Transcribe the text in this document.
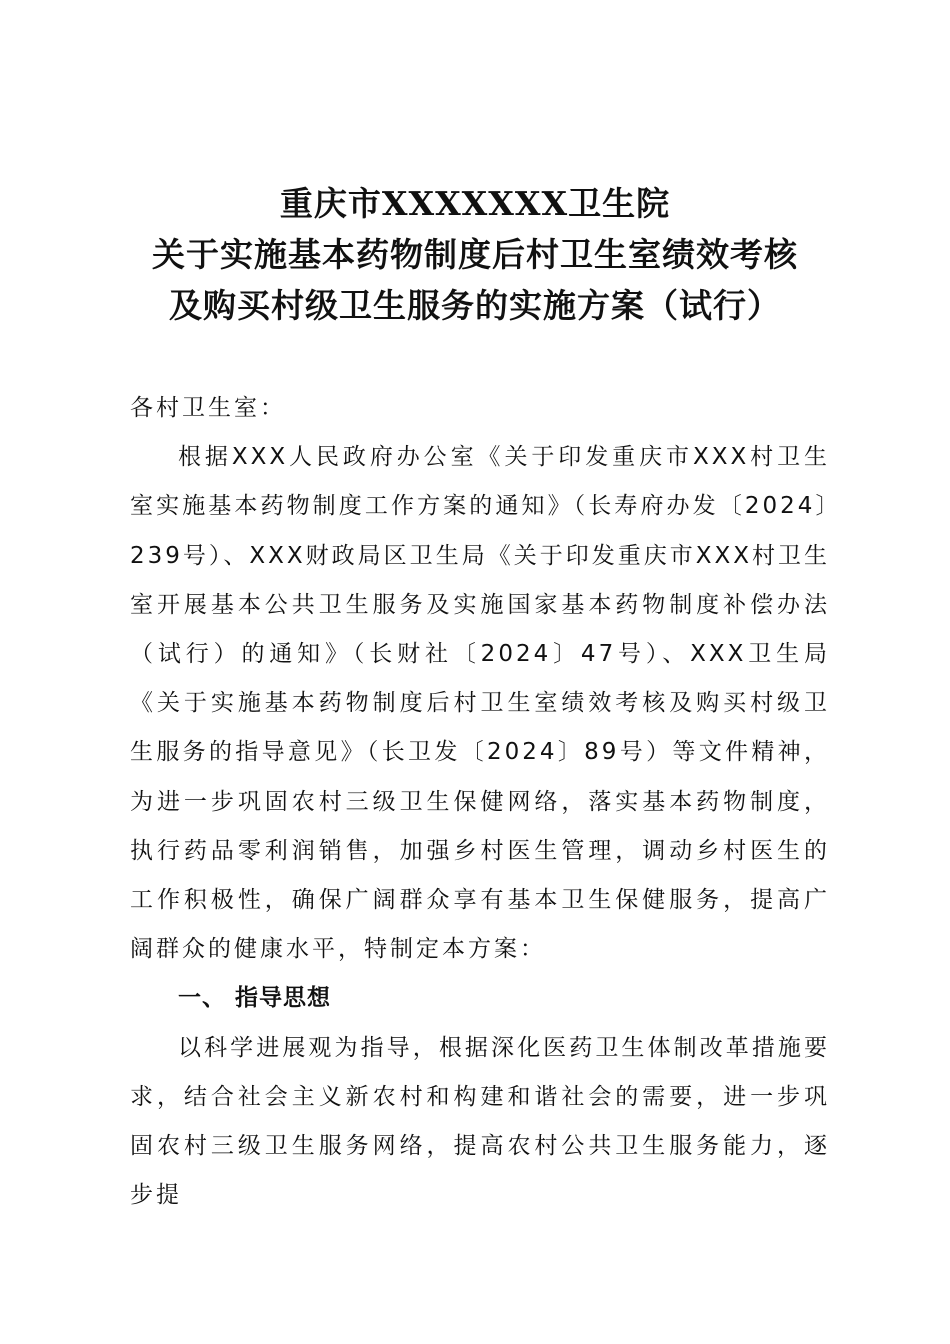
重庆市XXXXXXX卫生院
关于实施基本药物制度后村卫生室绩效考核
及购买村级卫生服务的实施方案（试行）
各村卫生室：

根据XXX人民政府办公室《关于印发重庆市XXX村卫生室实施基本药物制度工作方案的通知》（长寿府办发〔2024〕239号）、XXX财政局区卫生局《关于印发重庆市XXX村卫生室开展基本公共卫生服务及实施国家基本药物制度补偿办法（试行）的通知》（长财社〔2024〕47号）、XXX卫生局《关于实施基本药物制度后村卫生室绩效考核及购买村级卫生服务的指导意见》（长卫发〔2024〕89号）等文件精神，为进一步巩固农村三级卫生保健网络，落实基本药物制度，执行药品零利润销售，加强乡村医生管理，调动乡村医生的工作积极性，确保广阔群众享有基本卫生保健服务，提高广阔群众的健康水平，特制定本方案：

一、 指导思想

以科学进展观为指导，根据深化医药卫生体制改革措施要求，结合社会主义新农村和构建和谐社会的需要，进一步巩固农村三级卫生服务网络，提高农村公共卫生服务能力，逐步提
